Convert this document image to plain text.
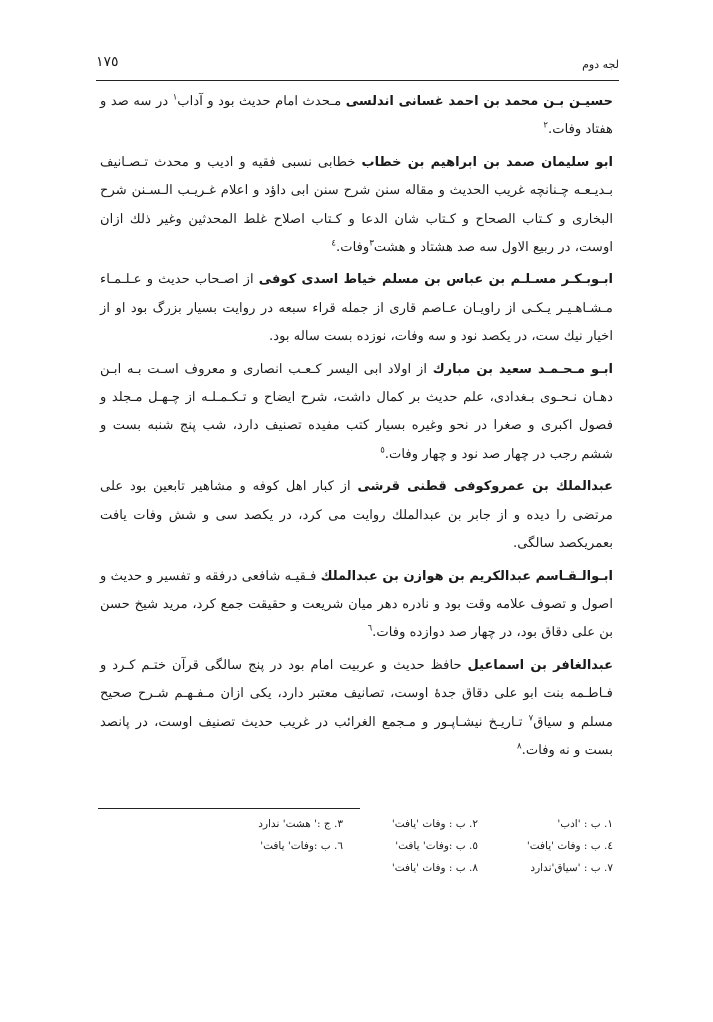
لجه دوم
١٧٥

حسيـن بـن محمد بن احمد غسانی اندلسی مـحدث امام حديث بود و آداب$^١$ در سه صد و هفتاد وفات.$^٢$

ابو سليمان صمد بن ابراهيم بن خطاب خطابی نسبی فقيه و اديب و محدث تـصـانيف بـديـعـه چـنانچه غريب الحديث و مقاله سنن شرح سنن ابی داؤد و اعلام غـريـب الـسـنن شرح البخاری و كـتاب الصحاح و كـتاب شان الدعا و كـتاب اصلاح غلط المحدثين وغير ذلك ازان اوست، در ربيع الاول سه صد هشتاد و هشت$^٣$وفات.$^٤$

ابـوبـكـر مسـلـم بن عباس بن مسلم خياط اسدی كوفی از اصـحاب حديث و عـلـمـاء مـشـاهـيـر يـكـی از راويـان عـاصم قاری از جمله قراء سبعه در روايت بسيار بزرگ بود او از اخيار نيك ست، در يكصد نود و سه وفات، نوزده بست ساله بود.

ابـو مـحـمـد سعيد بن مبارك از اولاد ابی اليسر كـعـب انصاری و معروف اسـت بـه ابـن دهـان نـحـوی بـغدادی، علم حديث بر كمال داشت، شرح ايضاح و تـكـمـلـه از چـهـل مـجلد و فصول اكبری و صغرا در نحو وغيره بسيار كتب مفيده تصنيف دارد، شب پنج شنبه بست و ششم رجب در چهار صد نود و چهار وفات.$^٥$

عبدالملك بن عمروكوفی قطنی قرشی از كبار اهل كوفه و مشاهير تابعين بود علی مرتضی را ديده و از جابر بن عبدالملك روايت می كرد، در يكصد سی و شش وفات يافت بعمريكصد سالگی.

ابـوالـقـاسم عبدالكريم بن هوازن بن عبدالملك فـقيـه شافعی درفقه و تفسير و حديث و اصول و تصوف علامه وقت بود و نادره دهر ميان شريعت و حقيقت جمع كرد، مريد شيخ حسن بن علی دقاق بود، در چهار صد دوازده وفات.$^٦$

عبدالغافر بن اسماعيل حافظ حديث و عربيت امام بود در پنج سالگی قرآن ختـم كـرد و فـاطـمه بنت ابو علی دقاق جدهٔ اوست، تصانيف معتبر دارد، يكی ازان مـفـهـم شـرح صحيح مسلم و سياق$^٧$ تـاريـخ نيشـاپـور و مـجمع الغرائب در غريب حديث تصنيف اوست، در پانصد بست و نه وفات.$^٨$

١. ب : 'ادب'
٢. ب : وفات 'يافت'
٣. ج :' هشت' ندارد
٤. ب : وفات 'يافت'
٥. ب :وفات' يافت'
٦. ب :وفات' يافت'
٧. ب : 'سياق'ندارد
٨. ب : وفات 'يافت'
